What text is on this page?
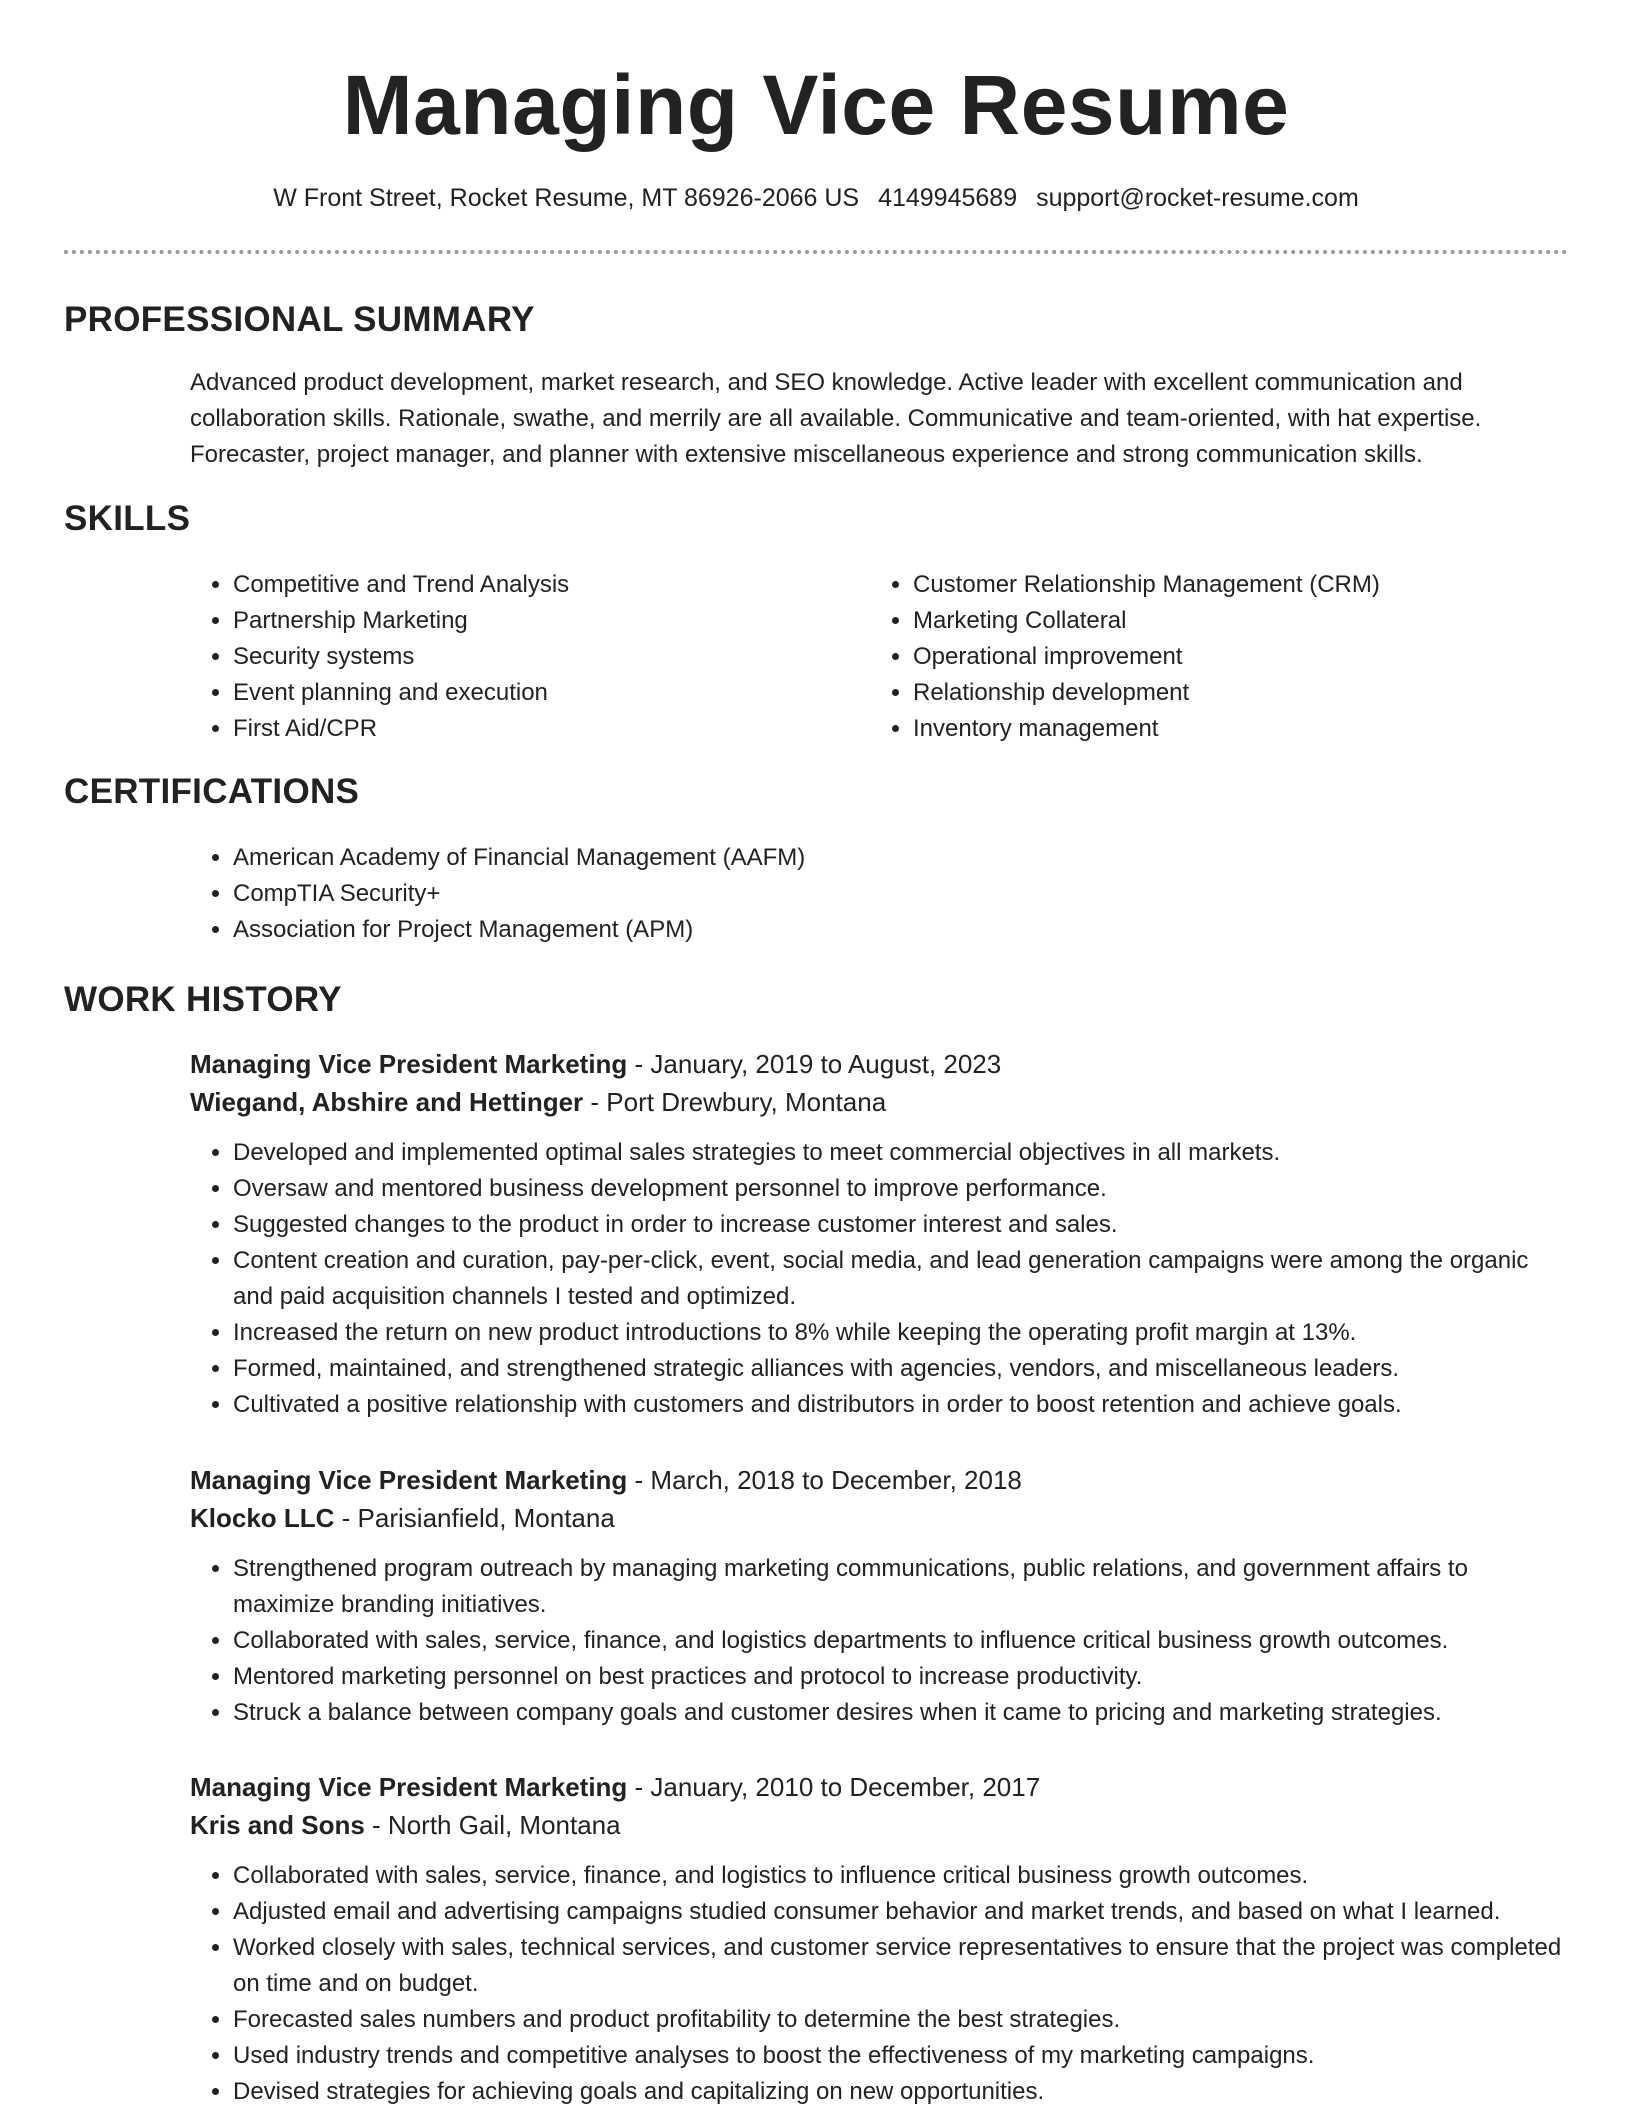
Managing Vice Resume
W Front Street, Rocket Resume, MT 86926-2066 US 4149945689 support@rocket-resume.com
PROFESSIONAL SUMMARY

Advanced product development, market research, and SEO knowledge. Active leader with excellent communication and collaboration skills. Rationale, swathe, and merrily are all available. Communicative and team-oriented, with hat expertise. Forecaster, project manager, and planner with extensive miscellaneous experience and strong communication skills.

SKILLS
• Competitive and Trend Analysis
• Partnership Marketing
• Security systems
• Event planning and execution
• First Aid/CPR
• Customer Relationship Management (CRM)
• Marketing Collateral
• Operational improvement
• Relationship development
• Inventory management
CERTIFICATIONS
• American Academy of Financial Management (AAFM)
• CompTIA Security+
• Association for Project Management (APM)
WORK HISTORY
Managing Vice President Marketing - January, 2019 to August, 2023
Wiegand, Abshire and Hettinger - Port Drewbury, Montana
• Developed and implemented optimal sales strategies to meet commercial objectives in all markets.
• Oversaw and mentored business development personnel to improve performance.
• Suggested changes to the product in order to increase customer interest and sales.
• Content creation and curation, pay-per-click, event, social media, and lead generation campaigns were among the organic and paid acquisition channels I tested and optimized.
• Increased the return on new product introductions to 8% while keeping the operating profit margin at 13%.
• Formed, maintained, and strengthened strategic alliances with agencies, vendors, and miscellaneous leaders.
• Cultivated a positive relationship with customers and distributors in order to boost retention and achieve goals.
Managing Vice President Marketing - March, 2018 to December, 2018
Klocko LLC - Parisianfield, Montana
• Strengthened program outreach by managing marketing communications, public relations, and government affairs to maximize branding initiatives.
• Collaborated with sales, service, finance, and logistics departments to influence critical business growth outcomes.
• Mentored marketing personnel on best practices and protocol to increase productivity.
• Struck a balance between company goals and customer desires when it came to pricing and marketing strategies.
Managing Vice President Marketing - January, 2010 to December, 2017
Kris and Sons - North Gail, Montana
• Collaborated with sales, service, finance, and logistics to influence critical business growth outcomes.
• Adjusted email and advertising campaigns studied consumer behavior and market trends, and based on what I learned.
• Worked closely with sales, technical services, and customer service representatives to ensure that the project was completed on time and on budget.
• Forecasted sales numbers and product profitability to determine the best strategies.
• Used industry trends and competitive analyses to boost the effectiveness of my marketing campaigns.
• Devised strategies for achieving goals and capitalizing on new opportunities.
